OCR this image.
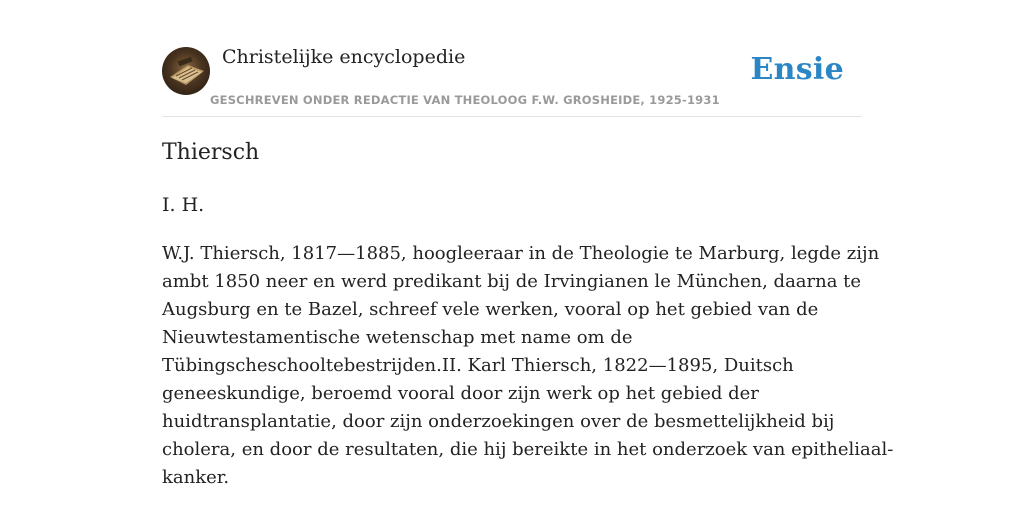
Christelijke encyclopedie
GESCHREVEN ONDER REDACTIE VAN THEOLOOG F.W. GROSHEIDE, 1925-1931
Ensie
Thiersch
I. H.

W.J. Thiersch, 1817—1885, hoogleeraar in de Theologie te Marburg, legde zijn
ambt 1850 neer en werd predikant bij de Irvingianen le München, daarna te
Augsburg en te Bazel, schreef vele werken, vooral op het gebied van de
Nieuwtestamentische wetenschap met name om de
Tübingscheschooltebestrijden.II. Karl Thiersch, 1822—1895, Duitsch
geneeskundige, beroemd vooral door zijn werk op het gebied der
huidtransplantatie, door zijn onderzoekingen over de besmettelijkheid bij
cholera, en door de resultaten, die hij bereikte in het onderzoek van epitheliaal-
kanker.
